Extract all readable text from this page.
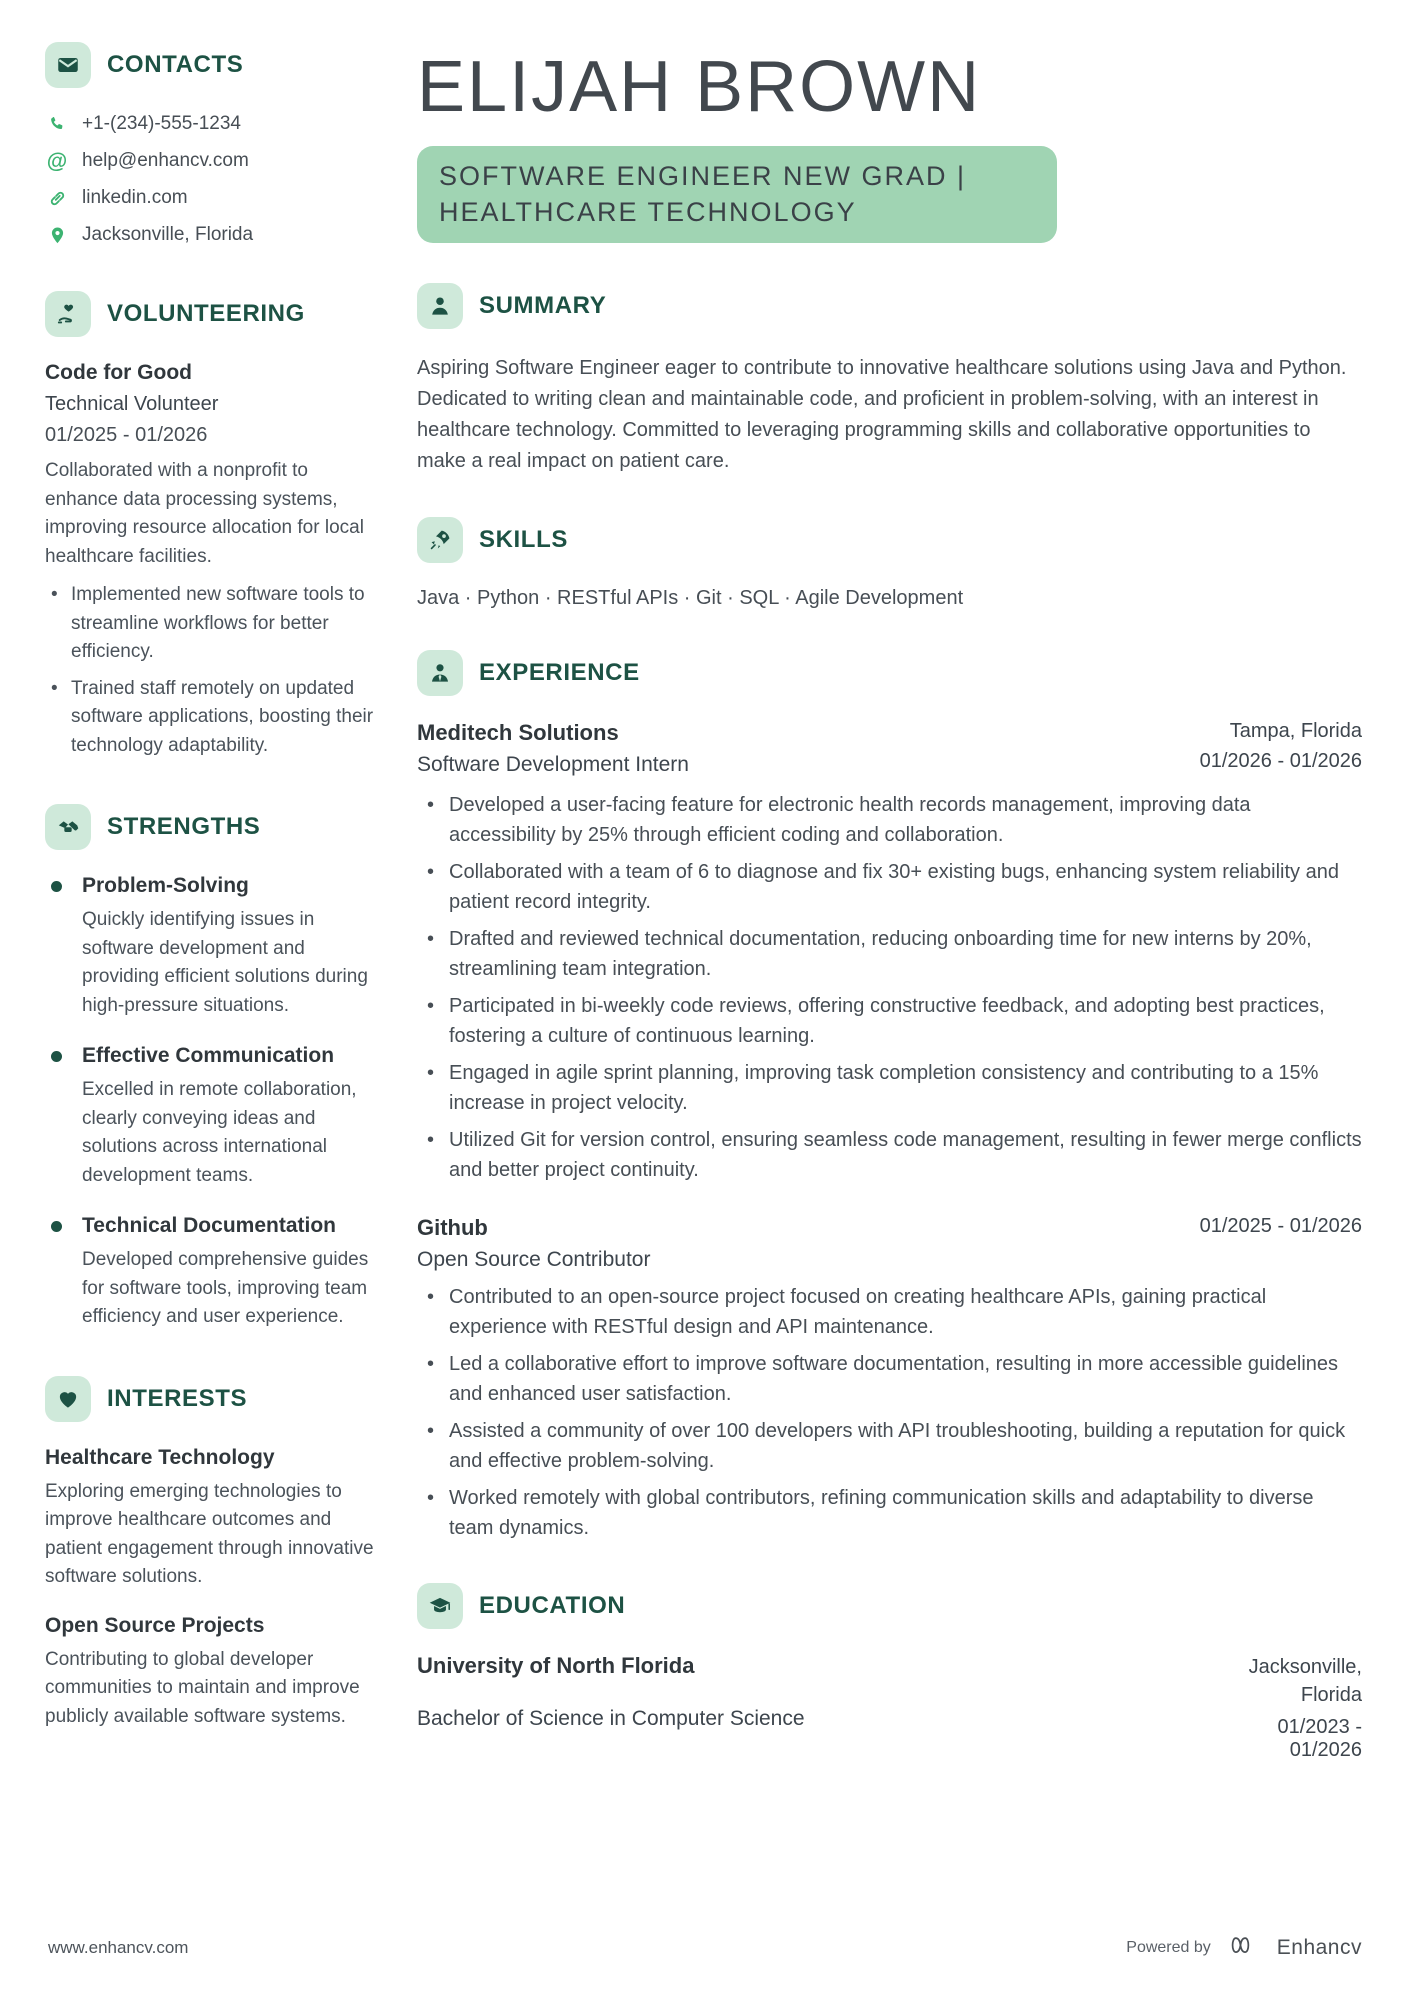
CONTACTS
+1-(234)-555-1234
@ help@enhancv.com
linkedin.com
Jacksonville, Florida
VOLUNTEERING
Code for Good
Technical Volunteer
01/2025 - 01/2026
Collaborated with a nonprofit to enhance data processing systems, improving resource allocation for local healthcare facilities.
• Implemented new software tools to streamline workflows for better efficiency.
• Trained staff remotely on updated software applications, boosting their technology adaptability.
STRENGTHS
Problem-Solving
Quickly identifying issues in software development and providing efficient solutions during high-pressure situations.
Effective Communication
Excelled in remote collaboration, clearly conveying ideas and solutions across international development teams.
Technical Documentation
Developed comprehensive guides for software tools, improving team efficiency and user experience.
INTERESTS
Healthcare Technology
Exploring emerging technologies to improve healthcare outcomes and patient engagement through innovative software solutions.
Open Source Projects
Contributing to global developer communities to maintain and improve publicly available software systems.
ELIJAH BROWN
SOFTWARE ENGINEER NEW GRAD | HEALTHCARE TECHNOLOGY
SUMMARY

Aspiring Software Engineer eager to contribute to innovative healthcare solutions using Java and Python. Dedicated to writing clean and maintainable code, and proficient in problem-solving, with an interest in healthcare technology. Committed to leveraging programming skills and collaborative opportunities to make a real impact on patient care.

SKILLS
Java · Python · RESTful APIs · Git · SQL · Agile Development
EXPERIENCE
Meditech Solutions
Software Development Intern
Tampa, Florida
01/2026 - 01/2026
• Developed a user-facing feature for electronic health records management, improving data accessibility by 25% through efficient coding and collaboration.
• Collaborated with a team of 6 to diagnose and fix 30+ existing bugs, enhancing system reliability and patient record integrity.
• Drafted and reviewed technical documentation, reducing onboarding time for new interns by 20%, streamlining team integration.
• Participated in bi-weekly code reviews, offering constructive feedback, and adopting best practices, fostering a culture of continuous learning.
• Engaged in agile sprint planning, improving task completion consistency and contributing to a 15% increase in project velocity.
• Utilized Git for version control, ensuring seamless code management, resulting in fewer merge conflicts and better project continuity.
Github
Open Source Contributor
01/2025 - 01/2026
• Contributed to an open-source project focused on creating healthcare APIs, gaining practical experience with RESTful design and API maintenance.
• Led a collaborative effort to improve software documentation, resulting in more accessible guidelines and enhanced user satisfaction.
• Assisted a community of over 100 developers with API troubleshooting, building a reputation for quick and effective problem-solving.
• Worked remotely with global contributors, refining communication skills and adaptability to diverse team dynamics.
EDUCATION
University of North Florida
Bachelor of Science in Computer Science
Jacksonville, Florida
01/2023 - 01/2026
www.enhancv.com	Powered by	Enhancv
